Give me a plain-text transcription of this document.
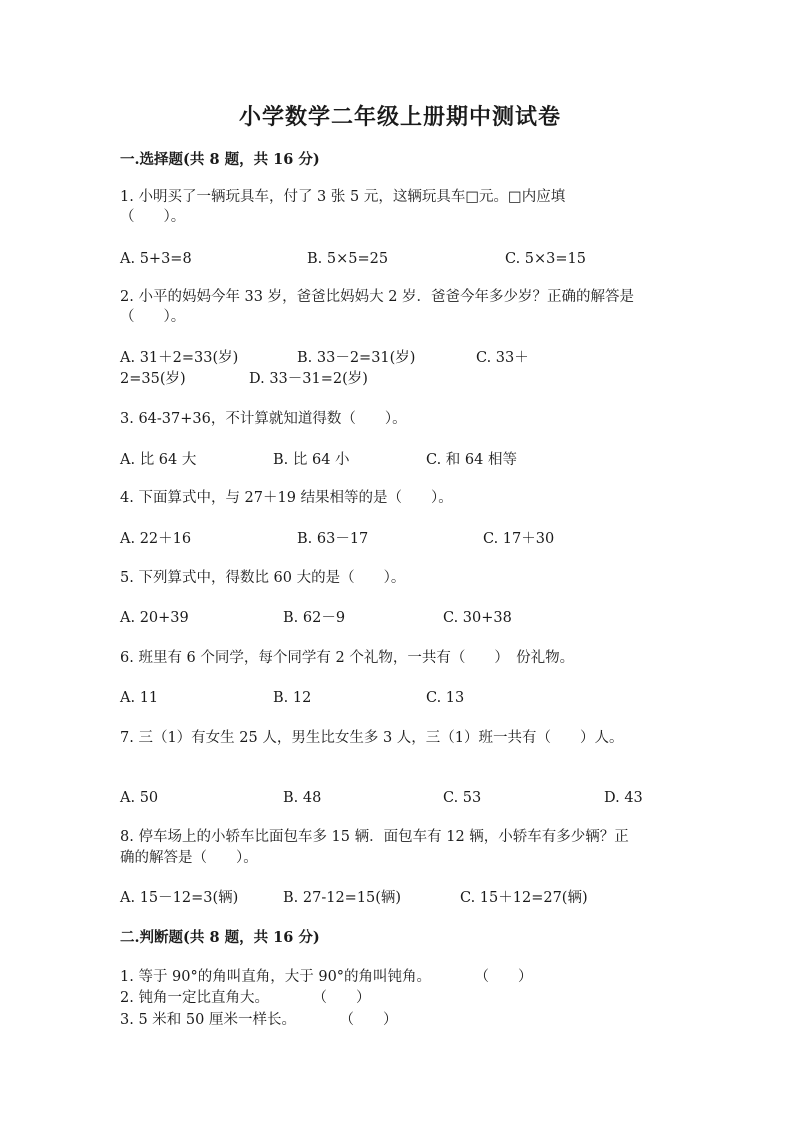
小学数学二年级上册期中测试卷
一.选择题(共 8 题，共 16 分)
1. 小明买了一辆玩具车，付了 3 张 5 元，这辆玩具车□元。□内应填
（　　）。
A. 5+3=8	B. 5×5=25	C. 5×3=15
2. 小平的妈妈今年 33 岁，爸爸比妈妈大 2 岁．爸爸今年多少岁？正确的解答是
（　　）。
A. 31＋2=33(岁)	B. 33－2=31(岁)	C. 33＋
2=35(岁)	D. 33－31=2(岁)
3. 64-37+36，不计算就知道得数（　　）。
A. 比 64 大	B. 比 64 小	C. 和 64 相等
4. 下面算式中，与 27＋19 结果相等的是（　　）。
A. 22＋16	B. 63－17	C. 17＋30
5. 下列算式中，得数比 60 大的是（　　）。
A. 20+39	B. 62－9	C. 30+38
6. 班里有 6 个同学，每个同学有 2 个礼物，一共有（　　）　份礼物。
A. 11	B. 12	C. 13
7. 三（1）有女生 25 人，男生比女生多 3 人，三（1）班一共有（　　）人。
A. 50	B. 48	C. 53	D. 43
8. 停车场上的小轿车比面包车多 15 辆．面包车有 12 辆，小轿车有多少辆？正
确的解答是（　　）。
A. 15－12=3(辆)	B. 27-12=15(辆)	C. 15＋12=27(辆)
二.判断题(共 8 题，共 16 分)
1. 等于 90°的角叫直角，大于 90°的角叫钝角。　　　　（　　）
2. 钝角一定比直角大。　　　　（　　）
3. 5 米和 50 厘米一样长。　　　　（　　）
